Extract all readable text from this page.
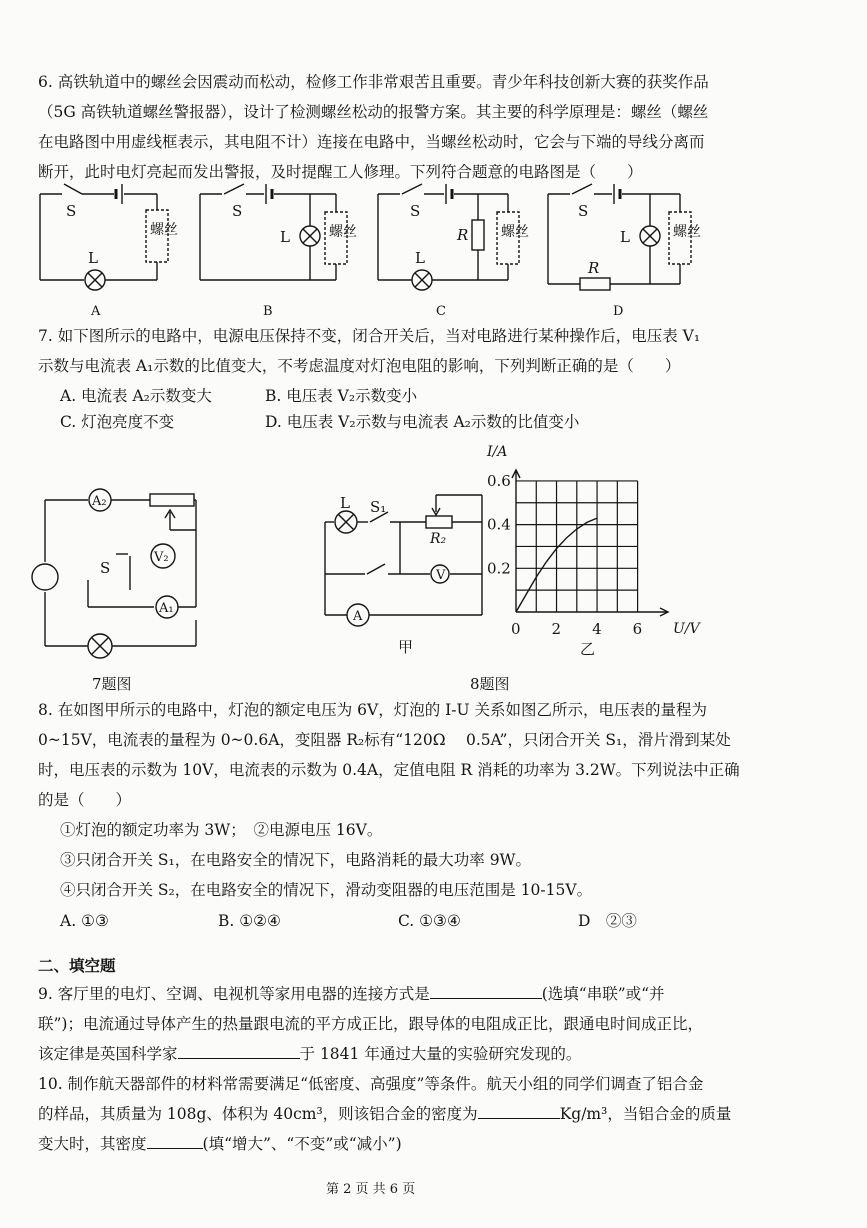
6. 高铁轨道中的螺丝会因震动而松动，检修工作非常艰苦且重要。青少年科技创新大赛的获奖作品
（5G 高铁轨道螺丝警报器），设计了检测螺丝松动的报警方案。其主要的科学原理是：螺丝（螺丝
在电路图中用虚线框表示，其电阻不计）连接在电路中，当螺丝松动时，它会与下端的导线分离而
断开，此时电灯亮起而发出警报，及时提醒工人修理。下列符合题意的电路图是（　　）
S
L
螺丝
S
L	螺丝
S
R
L
螺丝
S
L
R
螺丝
A	B	C	D
7. 如下图所示的电路中，电源电压保持不变，闭合开关后，当对电路进行某种操作后，电压表 V₁
示数与电流表 A₁示数的比值变大，不考虑温度对灯泡电阻的影响，下列判断正确的是（　　）
A. 电流表 A₂示数变大	B. 电压表 V₂示数变小
C. 灯泡亮度不变	D. 电压表 V₂示数与电流表 A₂示数的比值变小
A₂
V₂
A₁
S
7题图
L S₁
R₂
V
A
甲
8题图
0 2 4 6
0.2
0.4
0.6
I/A
U/V
乙
8. 在如图甲所示的电路中，灯泡的额定电压为 6V，灯泡的 I-U 关系如图乙所示，电压表的量程为
0~15V，电流表的量程为 0~0.6A，变阻器 R₂标有“120Ω　 0.5A”，只闭合开关 S₁，滑片滑到某处
时，电压表的示数为 10V，电流表的示数为 0.4A，定值电阻 R 消耗的功率为 3.2W。下列说法中正确
的是（　　）
①灯泡的额定功率为 3W；　②电源电压 16V。
③只闭合开关 S₁，在电路安全的情况下，电路消耗的最大功率 9W。
④只闭合开关 S₂，在电路安全的情况下，滑动变阻器的电压范围是 10-15V。
A. ①③	B. ①②④	C. ①③④	D　②③
二、填空题
9. 客厅里的电灯、空调、电视机等家用电器的连接方式是	(选填“串联”或“并
联”)；电流通过导体产生的热量跟电流的平方成正比，跟导体的电阻成正比，跟通电时间成正比，
该定律是英国科学家	于 1841 年通过大量的实验研究发现的。
10. 制作航天器部件的材料常需要满足“低密度、高强度”等条件。航天小组的同学们调查了铝合金
的样品，其质量为 108g、体积为 40cm³，则该铝合金的密度为	Kg/m³，当铝合金的质量
变大时，其密度	(填“增大”、“不变”或“减小”)
第 2 页 共 6 页
